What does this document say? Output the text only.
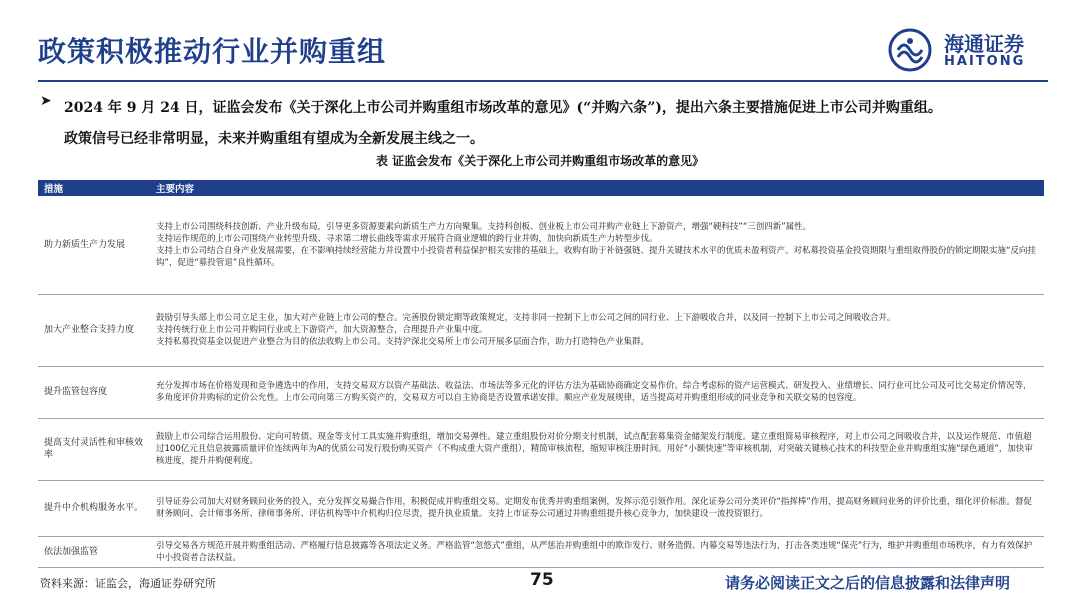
政策积极推动行业并购重组	海通证券
HAITONG
➤ 2024 年 9 月 24 日，证监会发布《关于深化上市公司并购重组市场改革的意见》(“并购六条”)，提出六条主要措施促进上市公司并购重组。

政策信号已经非常明显，未来并购重组有望成为全新发展主线之一。

表 证监会发布《关于深化上市公司并购重组市场改革的意见》
措施	主要内容
助力新质生产力发展	支持上市公司围绕科技创新、产业升级布局，引导更多资源要素向新质生产力方向聚集。支持科创板、创业板上市公司并购产业链上下游资产，增强“硬科技”“三创四新”属性。
支持运作规范的上市公司围绕产业转型升级、寻求第二增长曲线等需求开展符合商业逻辑的跨行业并购，加快向新质生产力转型步伐。
支持上市公司结合自身产业发展需要，在不影响持续经营能力并设置中小投资者利益保护相关安排的基础上，收购有助于补链强链、提升关键技术水平的优质未盈利资产。对私募投资基金投资期限与重组取得股份的锁定期限实施“反向挂钩”，促进“募投管退”良性循环。

加大产业整合支持力度	鼓励引导头部上市公司立足主业，加大对产业链上市公司的整合。完善股份锁定期等政策规定，支持非同一控制下上市公司之间的同行业、上下游吸收合并，以及同一控制下上市公司之间吸收合并。
支持传统行业上市公司并购同行业或上下游资产，加大资源整合，合理提升产业集中度。
支持私募投资基金以促进产业整合为目的依法收购上市公司。支持沪深北交易所上市公司开展多层面合作，助力打造特色产业集群。

提升监管包容度	充分发挥市场在价格发现和竞争遴选中的作用，支持交易双方以资产基础法、收益法、市场法等多元化的评估方法为基础协商确定交易作价。综合考虑标的资产运营模式、研发投入、业绩增长、同行业可比公司及可比交易定价情况等，多角度评价并购标的定价公允性。上市公司向第三方购买资产的，交易双方可以自主协商是否设置承诺安排。顺应产业发展规律，适当提高对并购重组形成的同业竞争和关联交易的包容度。

提高支付灵活性和审核效率	鼓励上市公司综合运用股份、定向可转债、现金等支付工具实施并购重组，增加交易弹性。建立重组股份对价分期支付机制，试点配套募集资金储架发行制度。建立重组简易审核程序，对上市公司之间吸收合并，以及运作规范、市值超过100亿元且信息披露质量评价连续两年为A的优质公司发行股份购买资产（不构成重大资产重组），精简审核流程，缩短审核注册时间。用好“小额快速”等审核机制，对突破关键核心技术的科技型企业并购重组实施“绿色通道”，加快审核进度，提升并购便利度。

提升中介机构服务水平。	引导证券公司加大对财务顾问业务的投入，充分发挥交易撮合作用，积极促成并购重组交易。定期发布优秀并购重组案例，发挥示范引领作用。深化证券公司分类评价“指挥棒”作用，提高财务顾问业务的评价比重，细化评价标准。督促财务顾问、会计师事务所、律师事务所、评估机构等中介机构归位尽责，提升执业质量。支持上市证券公司通过并购重组提升核心竞争力，加快建设一流投资银行。

依法加强监管	引导交易各方规范开展并购重组活动、严格履行信息披露等各项法定义务。严格监管“忽悠式”重组，从严惩治并购重组中的欺诈发行、财务造假、内幕交易等违法行为，打击各类违规“保壳”行为，维护并购重组市场秩序，有力有效保护中小投资者合法权益。
资料来源：证监会，海通证券研究所	75	请务必阅读正文之后的信息披露和法律声明
